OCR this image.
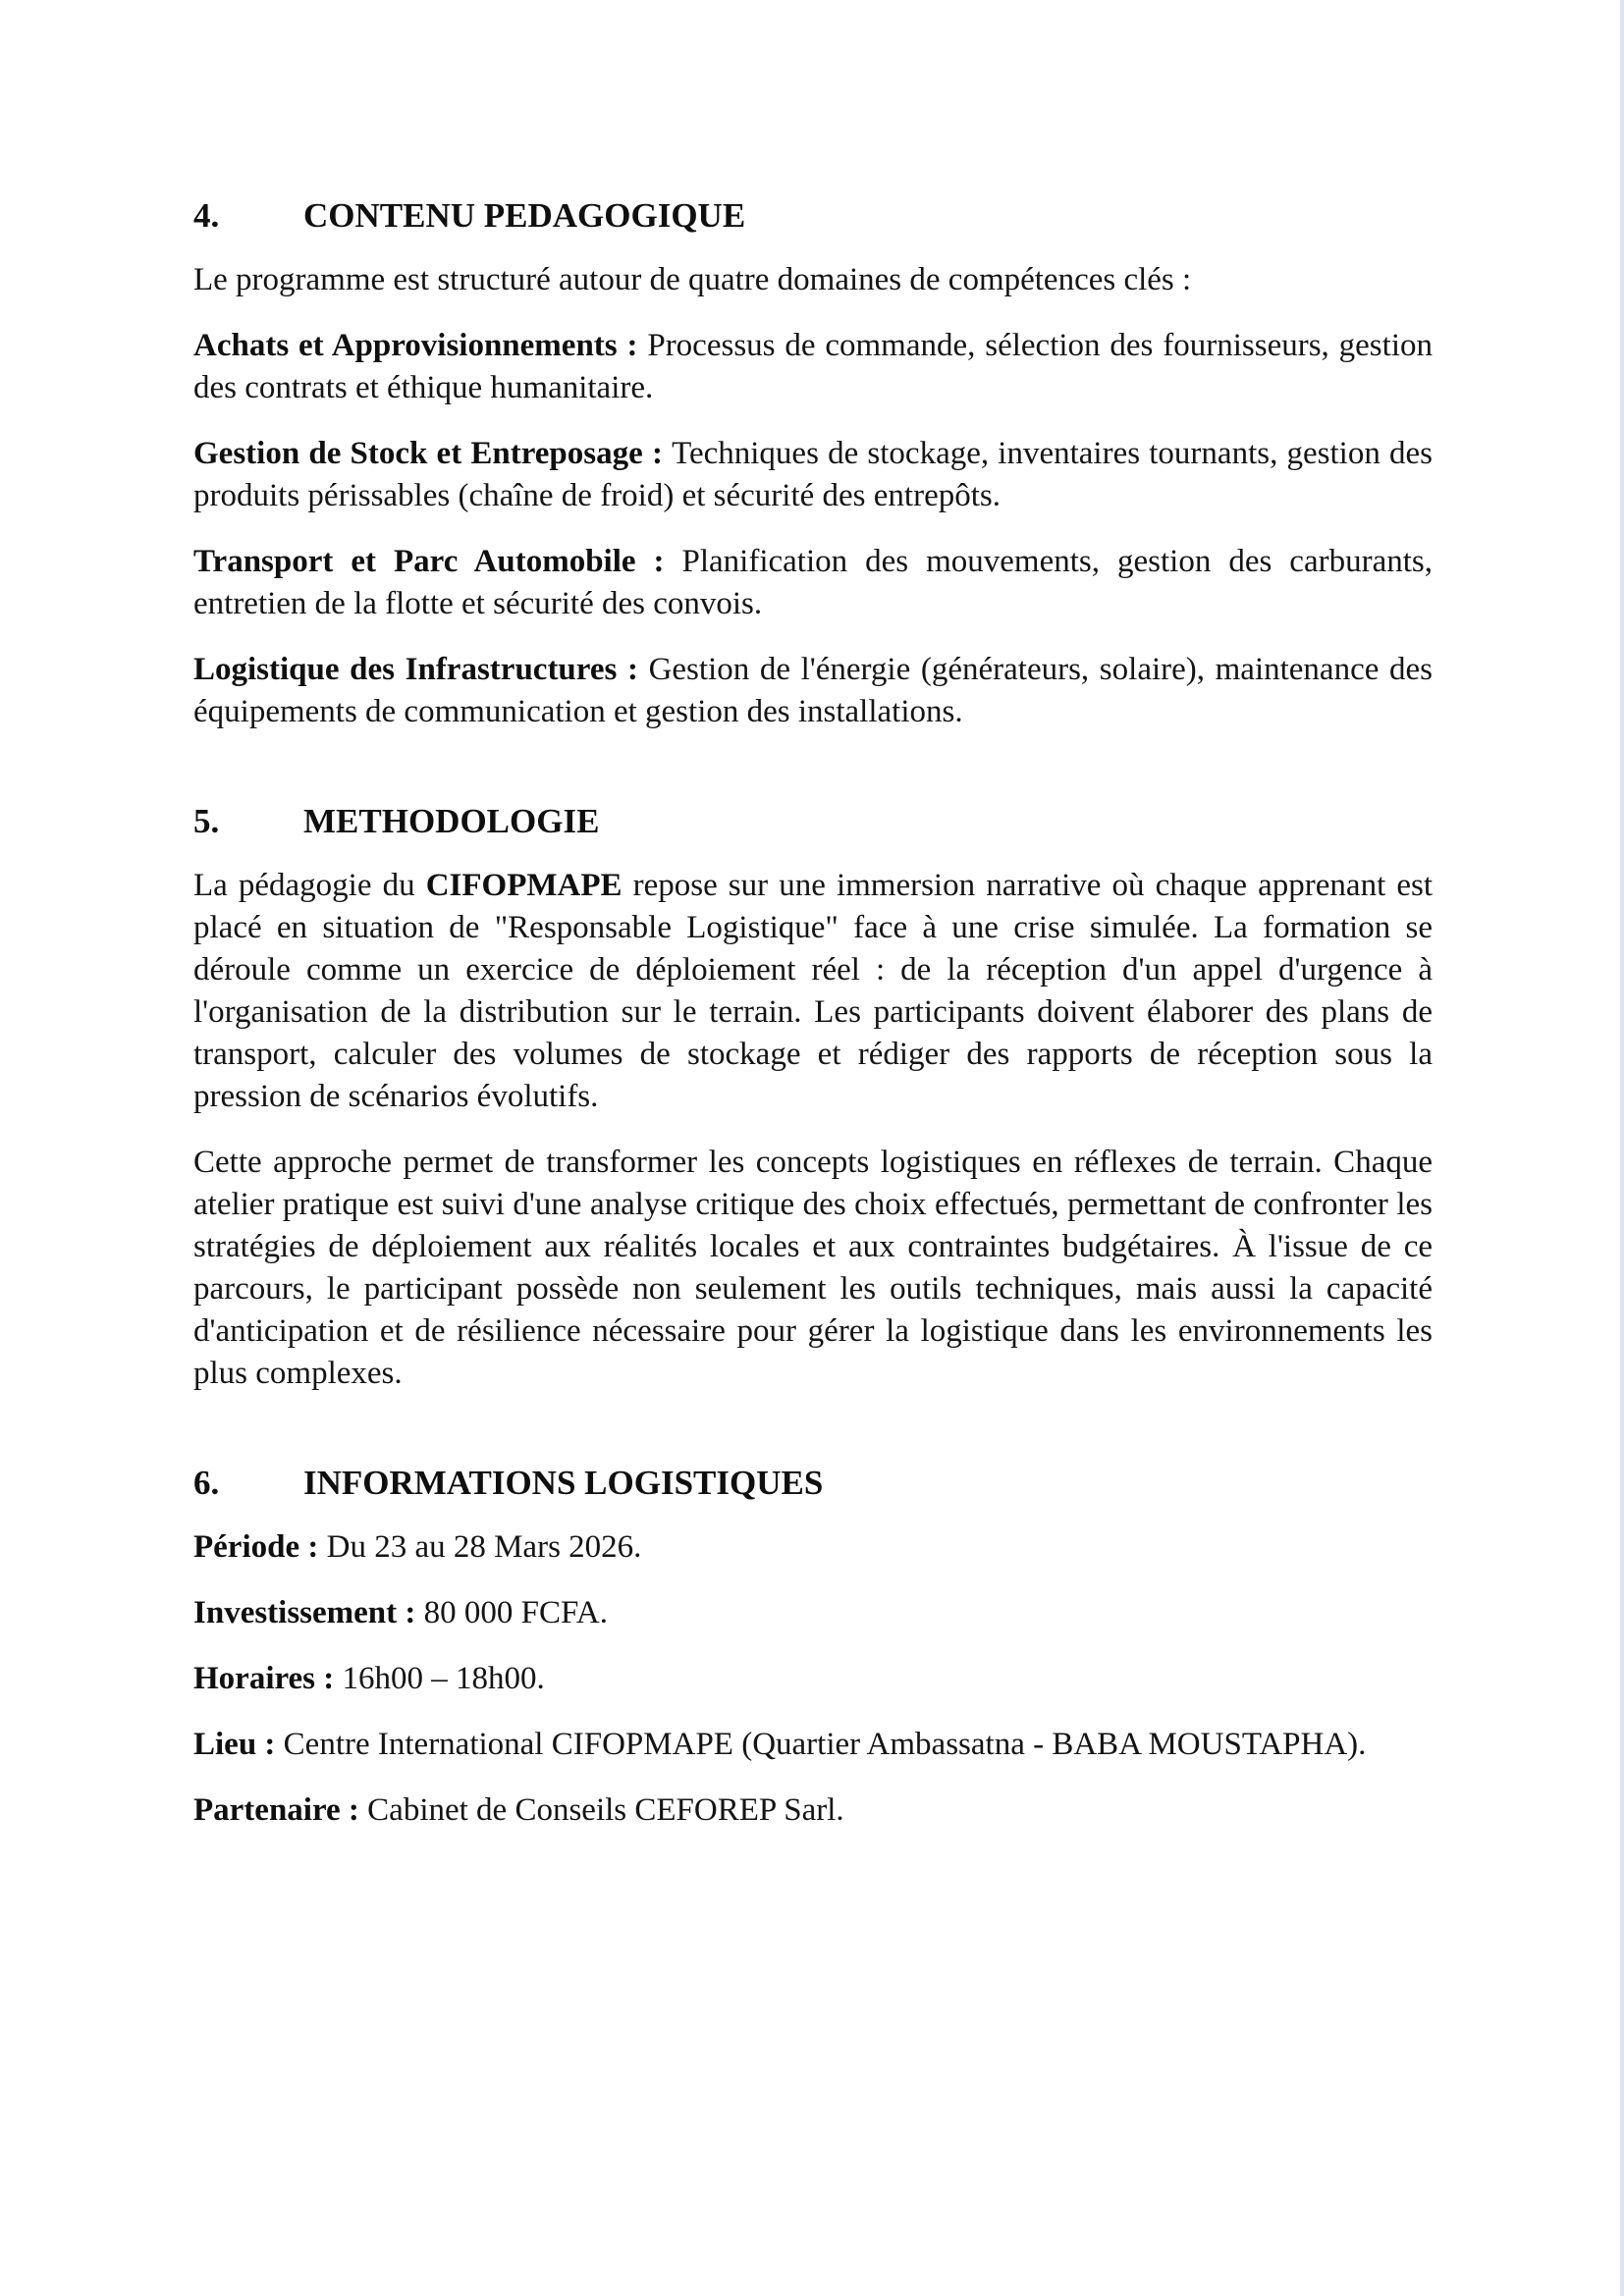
4.	CONTENU PEDAGOGIQUE

Le programme est structuré autour de quatre domaines de compétences clés :

Achats et Approvisionnements : Processus de commande, sélection des fournisseurs, gestion des contrats et éthique humanitaire.

Gestion de Stock et Entreposage : Techniques de stockage, inventaires tournants, gestion des produits périssables (chaîne de froid) et sécurité des entrepôts.

Transport et Parc Automobile : Planification des mouvements, gestion des carburants, entretien de la flotte et sécurité des convois.

Logistique des Infrastructures : Gestion de l'énergie (générateurs, solaire), maintenance des équipements de communication et gestion des installations.

5.	METHODOLOGIE

La pédagogie du CIFOPMAPE repose sur une immersion narrative où chaque apprenant est placé en situation de "Responsable Logistique" face à une crise simulée. La formation se déroule comme un exercice de déploiement réel : de la réception d'un appel d'urgence à l'organisation de la distribution sur le terrain. Les participants doivent élaborer des plans de transport, calculer des volumes de stockage et rédiger des rapports de réception sous la pression de scénarios évolutifs.

Cette approche permet de transformer les concepts logistiques en réflexes de terrain. Chaque atelier pratique est suivi d'une analyse critique des choix effectués, permettant de confronter les stratégies de déploiement aux réalités locales et aux contraintes budgétaires. À l'issue de ce parcours, le participant possède non seulement les outils techniques, mais aussi la capacité d'anticipation et de résilience nécessaire pour gérer la logistique dans les environnements les plus complexes.

6.	INFORMATIONS LOGISTIQUES

Période : Du 23 au 28 Mars 2026.

Investissement : 80 000 FCFA.

Horaires : 16h00 – 18h00.

Lieu : Centre International CIFOPMAPE (Quartier Ambassatna - BABA MOUSTAPHA).

Partenaire : Cabinet de Conseils CEFOREP Sarl.
